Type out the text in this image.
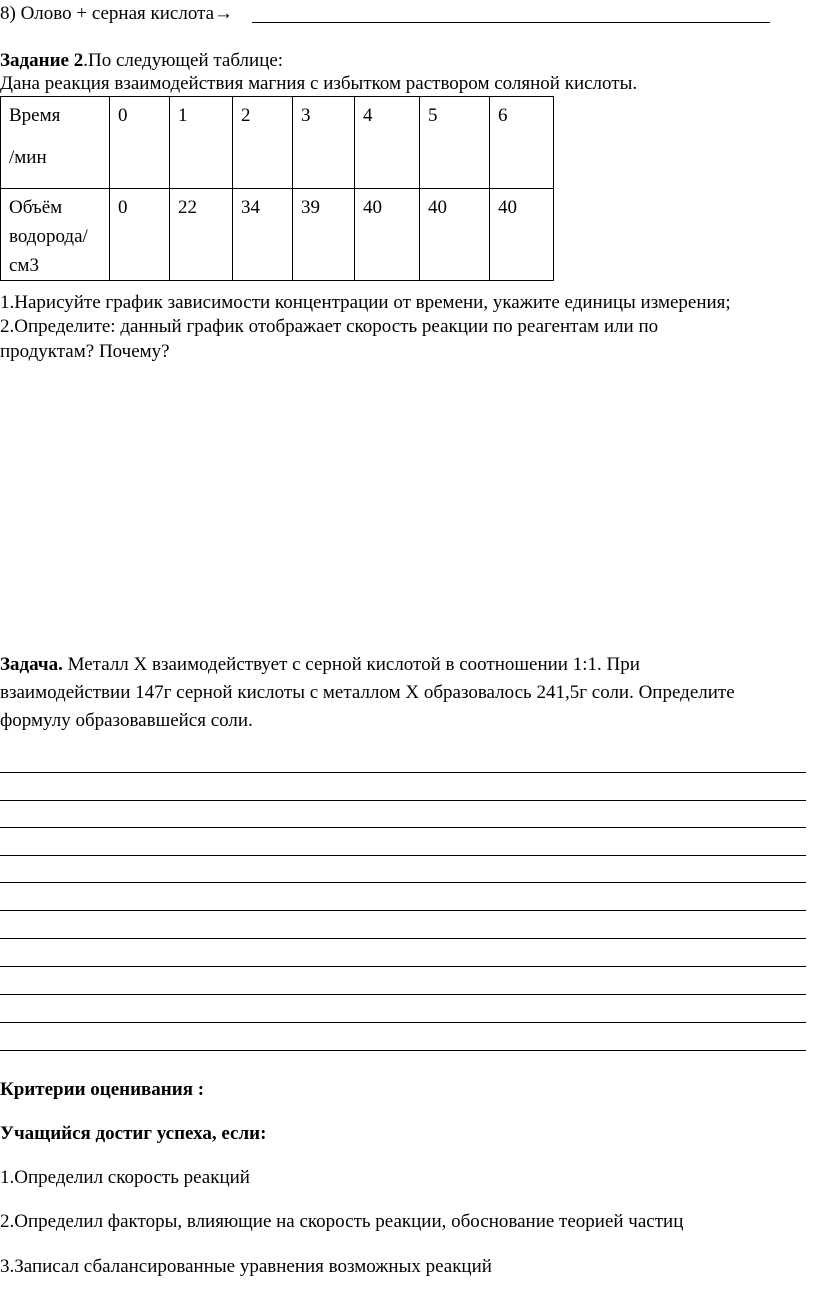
8) Олово + серная кислота→
Задание 2.По следующей таблице:
Дана реакция взаимодействия магния с избытком раствором соляной кислоты.
Время
/мин	0	1	2	3	4	5	6

Объём
водорода/
см3	0	22	34	39	40	40	40
1.Нарисуйте график зависимости концентрации от времени, укажите единицы измерения;
2.Определите: данный график отображает скорость реакции по реагентам или по
продуктам? Почему?
Задача. Металл Х взаимодействует с серной кислотой в соотношении 1:1. При
взаимодействии 147г серной кислоты с металлом Х образовалось 241,5г соли. Определите
формулу образовавшейся соли.
Критерии оценивания :
Учащийся достиг успеха, если:
1.Определил скорость реакций
2.Определил факторы, влияющие на скорость реакции, обоснование теорией частиц
3.Записал сбалансированные уравнения возможных реакций
